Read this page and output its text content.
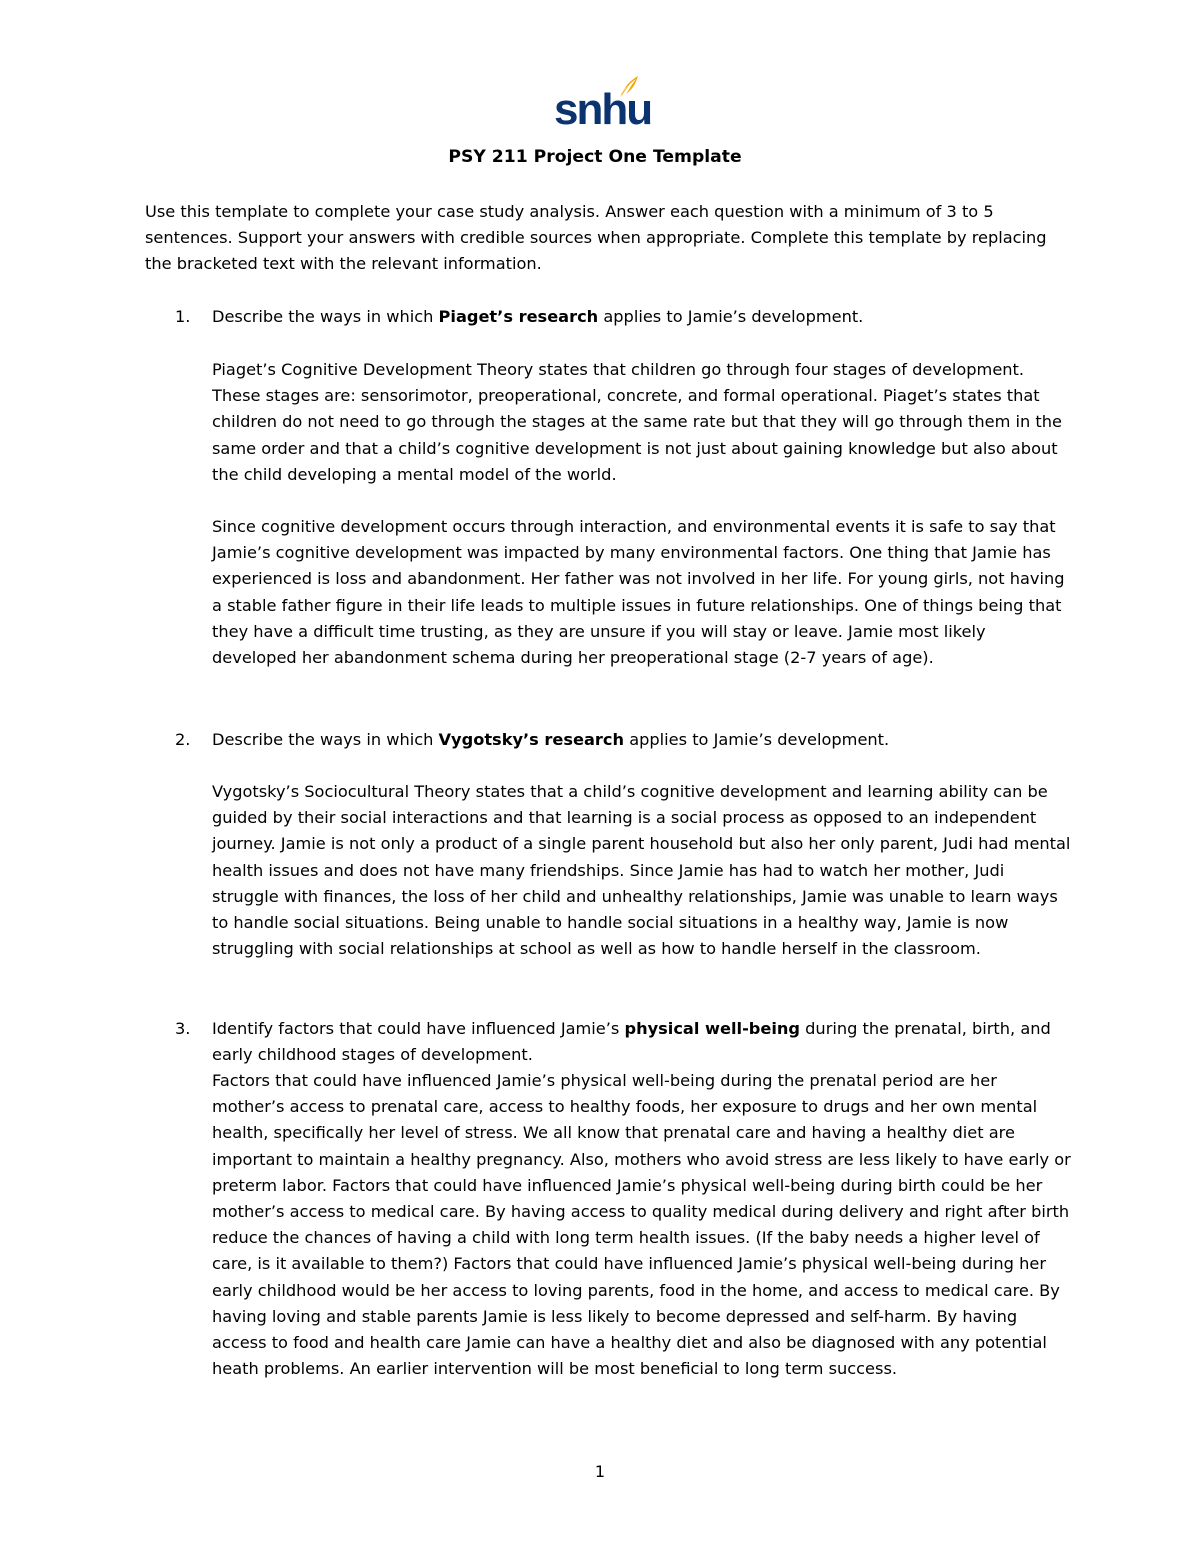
snhu
PSY 211 Project One Template
Use this template to complete your case study analysis. Answer each question with a minimum of 3 to 5 sentences. Support your answers with credible sources when appropriate. Complete this template by replacing the bracketed text with the relevant information.
1. Describe the ways in which Piaget’s research applies to Jamie’s development.
Piaget’s Cognitive Development Theory states that children go through four stages of development. These stages are: sensorimotor, preoperational, concrete, and formal operational. Piaget’s states that children do not need to go through the stages at the same rate but that they will go through them in the same order and that a child’s cognitive development is not just about gaining knowledge but also about the child developing a mental model of the world.
Since cognitive development occurs through interaction, and environmental events it is safe to say that Jamie’s cognitive development was impacted by many environmental factors. One thing that Jamie has experienced is loss and abandonment. Her father was not involved in her life. For young girls, not having a stable father figure in their life leads to multiple issues in future relationships. One of things being that they have a difficult time trusting, as they are unsure if you will stay or leave. Jamie most likely developed her abandonment schema during her preoperational stage (2-7 years of age).
2. Describe the ways in which Vygotsky’s research applies to Jamie’s development.
Vygotsky’s Sociocultural Theory states that a child’s cognitive development and learning ability can be guided by their social interactions and that learning is a social process as opposed to an independent journey. Jamie is not only a product of a single parent household but also her only parent, Judi had mental health issues and does not have many friendships. Since Jamie has had to watch her mother, Judi struggle with finances, the loss of her child and unhealthy relationships, Jamie was unable to learn ways to handle social situations. Being unable to handle social situations in a healthy way, Jamie is now struggling with social relationships at school as well as how to handle herself in the classroom.
3. Identify factors that could have influenced Jamie’s physical well-being during the prenatal, birth, and early childhood stages of development.
Factors that could have influenced Jamie’s physical well-being during the prenatal period are her mother’s access to prenatal care, access to healthy foods, her exposure to drugs and her own mental health, specifically her level of stress. We all know that prenatal care and having a healthy diet are important to maintain a healthy pregnancy. Also, mothers who avoid stress are less likely to have early or preterm labor. Factors that could have influenced Jamie’s physical well-being during birth could be her mother’s access to medical care. By having access to quality medical during delivery and right after birth reduce the chances of having a child with long term health issues. (If the baby needs a higher level of care, is it available to them?) Factors that could have influenced Jamie’s physical well-being during her early childhood would be her access to loving parents, food in the home, and access to medical care. By having loving and stable parents Jamie is less likely to become depressed and self-harm. By having access to food and health care Jamie can have a healthy diet and also be diagnosed with any potential heath problems. An earlier intervention will be most beneficial to long term success.
1
